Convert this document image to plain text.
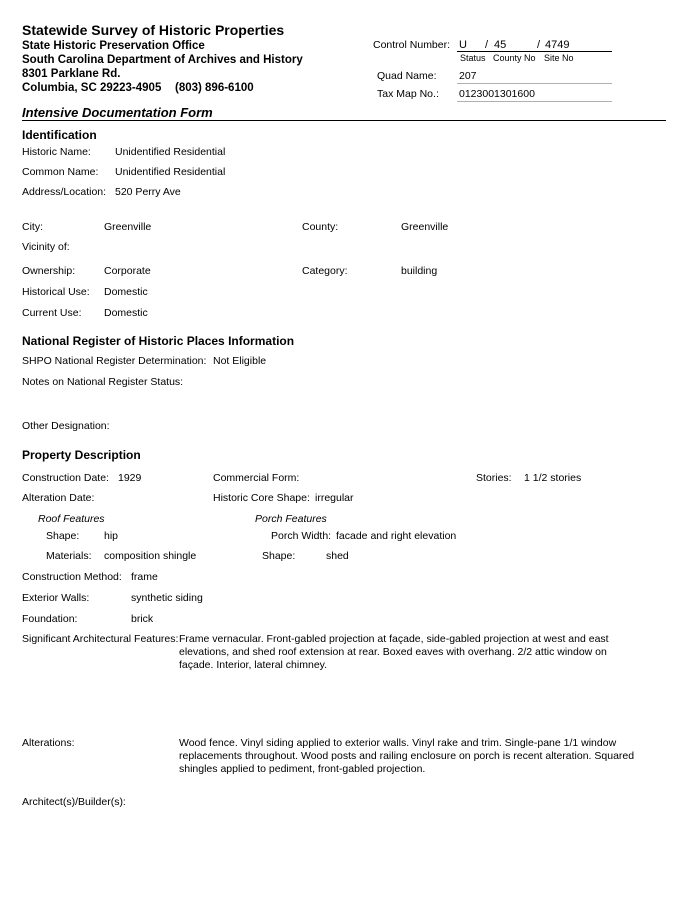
Statewide Survey of Historic Properties
State Historic Preservation Office
South Carolina Department of Archives and History
8301 Parklane Rd.
Columbia, SC 29223-4905 (803) 896-6100
Control Number: U / 45	/ 4749
Status County No Site No
Quad Name: 207
Tax Map No.: 0123001301600
Intensive Documentation Form
Identification
Historic Name: Unidentified Residential
Common Name: Unidentified Residential
Address/Location: 520 Perry Ave
City:	Greenville	County:	Greenville
Vicinity of:
Ownership:	Corporate	Category:	building
Historical Use: Domestic
Current Use: Domestic
National Register of Historic Places Information
SHPO National Register Determination: Not Eligible
Notes on National Register Status:
Other Designation:
Property Description
Construction Date: 1929	Commercial Form:	Stories: 1 1/2 stories
Alteration Date:	Historic Core Shape: irregular
Roof Features	Porch Features
Shape: hip	Porch Width: facade and right elevation
Materials: composition shingle	Shape:	shed
Construction Method: frame
Exterior Walls:	synthetic siding
Foundation:	brick
Significant Architectural Features: Frame vernacular. Front-gabled projection at façade, side-gabled projection at west and east elevations, and shed roof extension at rear. Boxed eaves with overhang. 2/2 attic window on façade. Interior, lateral chimney.
Alterations:	Wood fence. Vinyl siding applied to exterior walls. Vinyl rake and trim. Single-pane 1/1 window replacements throughout. Wood posts and railing enclosure on porch is recent alteration. Squared shingles applied to pediment, front-gabled projection.
Architect(s)/Builder(s):
